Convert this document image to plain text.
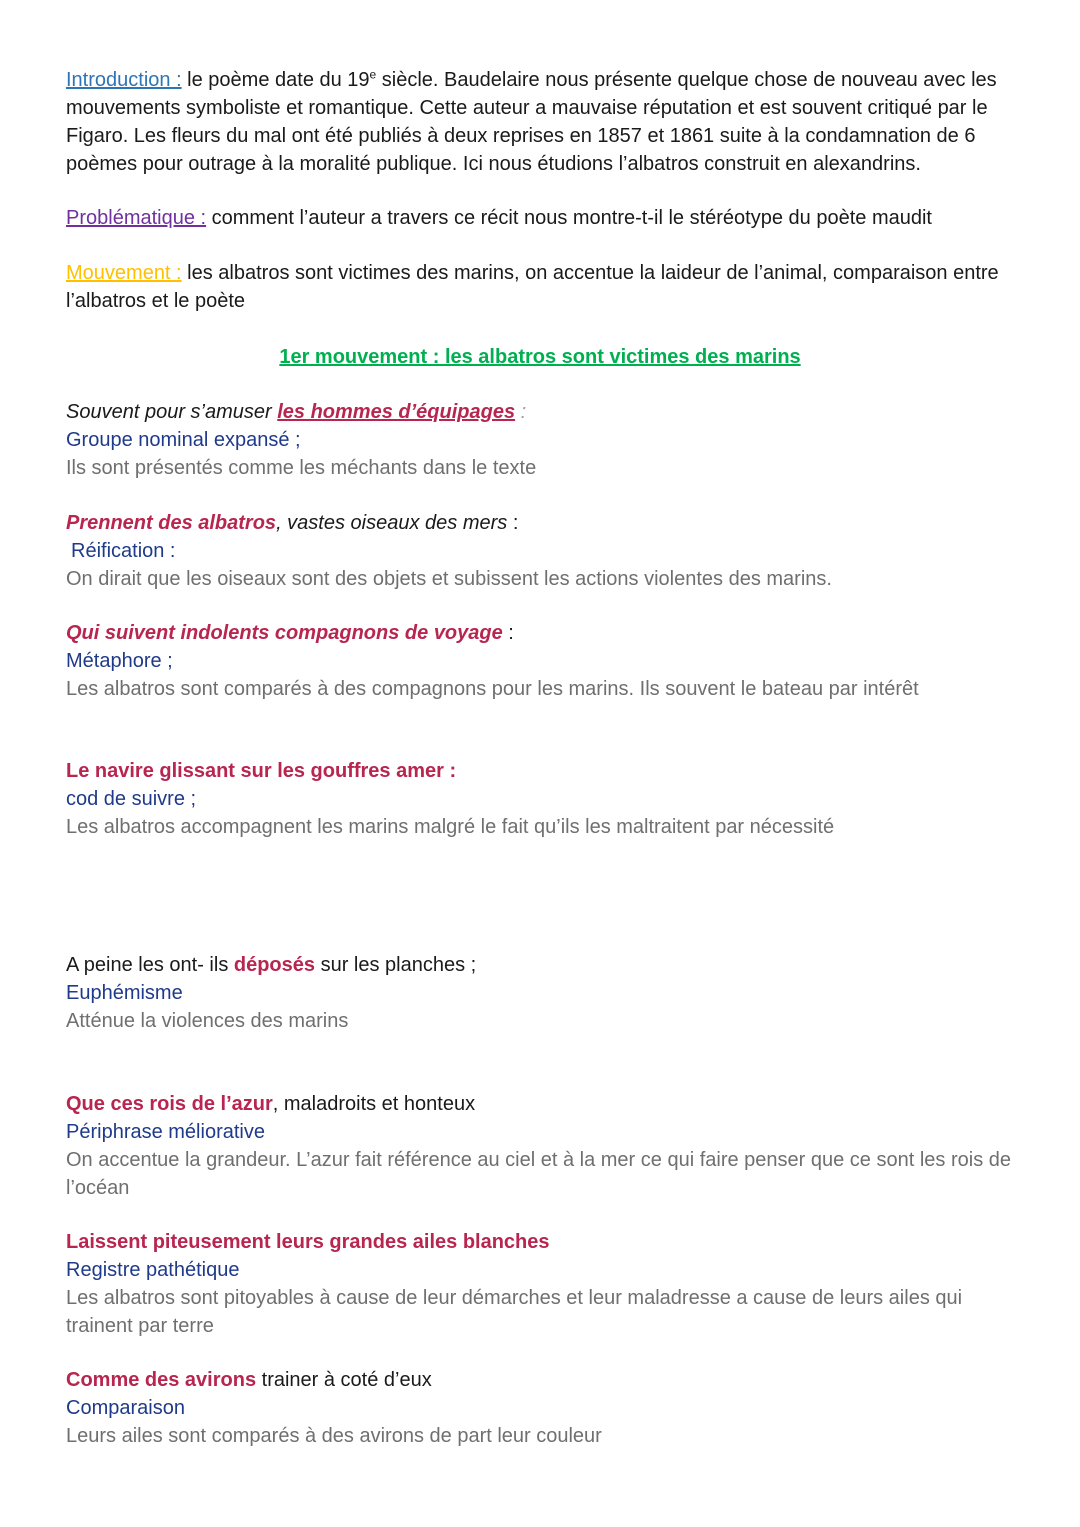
Introduction : le poème date du 19e siècle. Baudelaire nous présente quelque chose de nouveau avec les mouvements symboliste et romantique. Cette auteur a mauvaise réputation et est souvent critiqué par le Figaro. Les fleurs du mal ont été publiés à deux reprises en 1857 et 1861 suite à la condamnation de 6 poèmes pour outrage à la moralité publique. Ici nous étudions l’albatros construit en alexandrins.

Problématique : comment l’auteur a travers ce récit nous montre-t-il le stéréotype du poète maudit

Mouvement : les albatros sont victimes des marins, on accentue la laideur de l’animal, comparaison entre l’albatros et le poète

1er mouvement : les albatros sont victimes des marins

Souvent pour s’amuser les hommes d’équipages :

Groupe nominal expansé ;

Ils sont présentés comme les méchants dans le texte

Prennent des albatros, vastes oiseaux des mers :

Réification :

On dirait que les oiseaux sont des objets et subissent les actions violentes des marins.

Qui suivent indolents compagnons de voyage :

Métaphore ;

Les albatros sont comparés à des compagnons pour les marins. Ils souvent le bateau par intérêt

Le navire glissant sur les gouffres amer :

cod de suivre ;

Les albatros accompagnent les marins malgré le fait qu’ils les maltraitent par nécessité

A peine les ont- ils déposés sur les planches ;

Euphémisme

Atténue la violences des marins

Que ces rois de l’azur, maladroits et honteux

Périphrase méliorative

On accentue la grandeur. L’azur fait référence au ciel et à la mer ce qui faire penser que ce sont les rois de l’océan

Laissent piteusement leurs grandes ailes blanches

Registre pathétique

Les albatros sont pitoyables à cause de leur démarches et leur maladresse a cause de leurs ailes qui trainent par terre

Comme des avirons trainer à coté d’eux

Comparaison

Leurs ailes sont comparés à des avirons de part leur couleur
